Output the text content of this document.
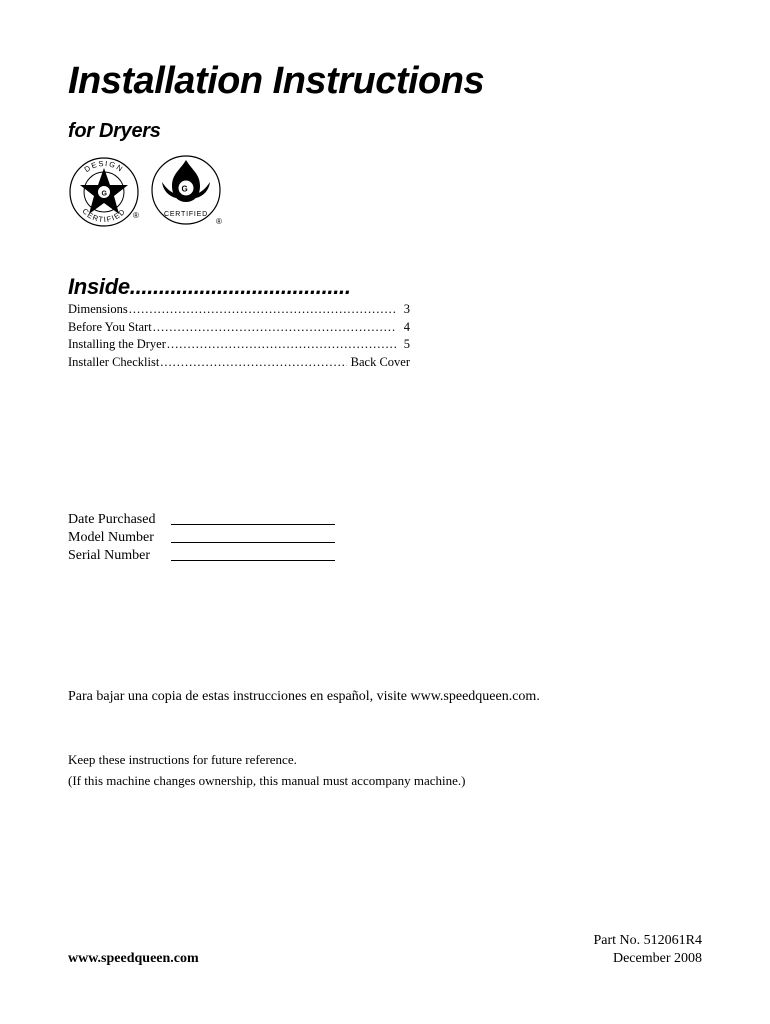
Installation Instructions
for Dryers
G
DESIGN
CERTIFIED ®
G
CERTIFIED
®
Inside......................................
Dimensions .....	3
Before You Start .....	4
Installing the Dryer .....	5
Installer Checklist .....	Back Cover
Date Purchased
Model Number
Serial Number
Para bajar una copia de estas instrucciones en español, visite www.speedqueen.com.
Keep these instructions for future reference.
(If this machine changes ownership, this manual must accompany machine.)
www.speedqueen.com
Part No. 512061R4
December 2008
